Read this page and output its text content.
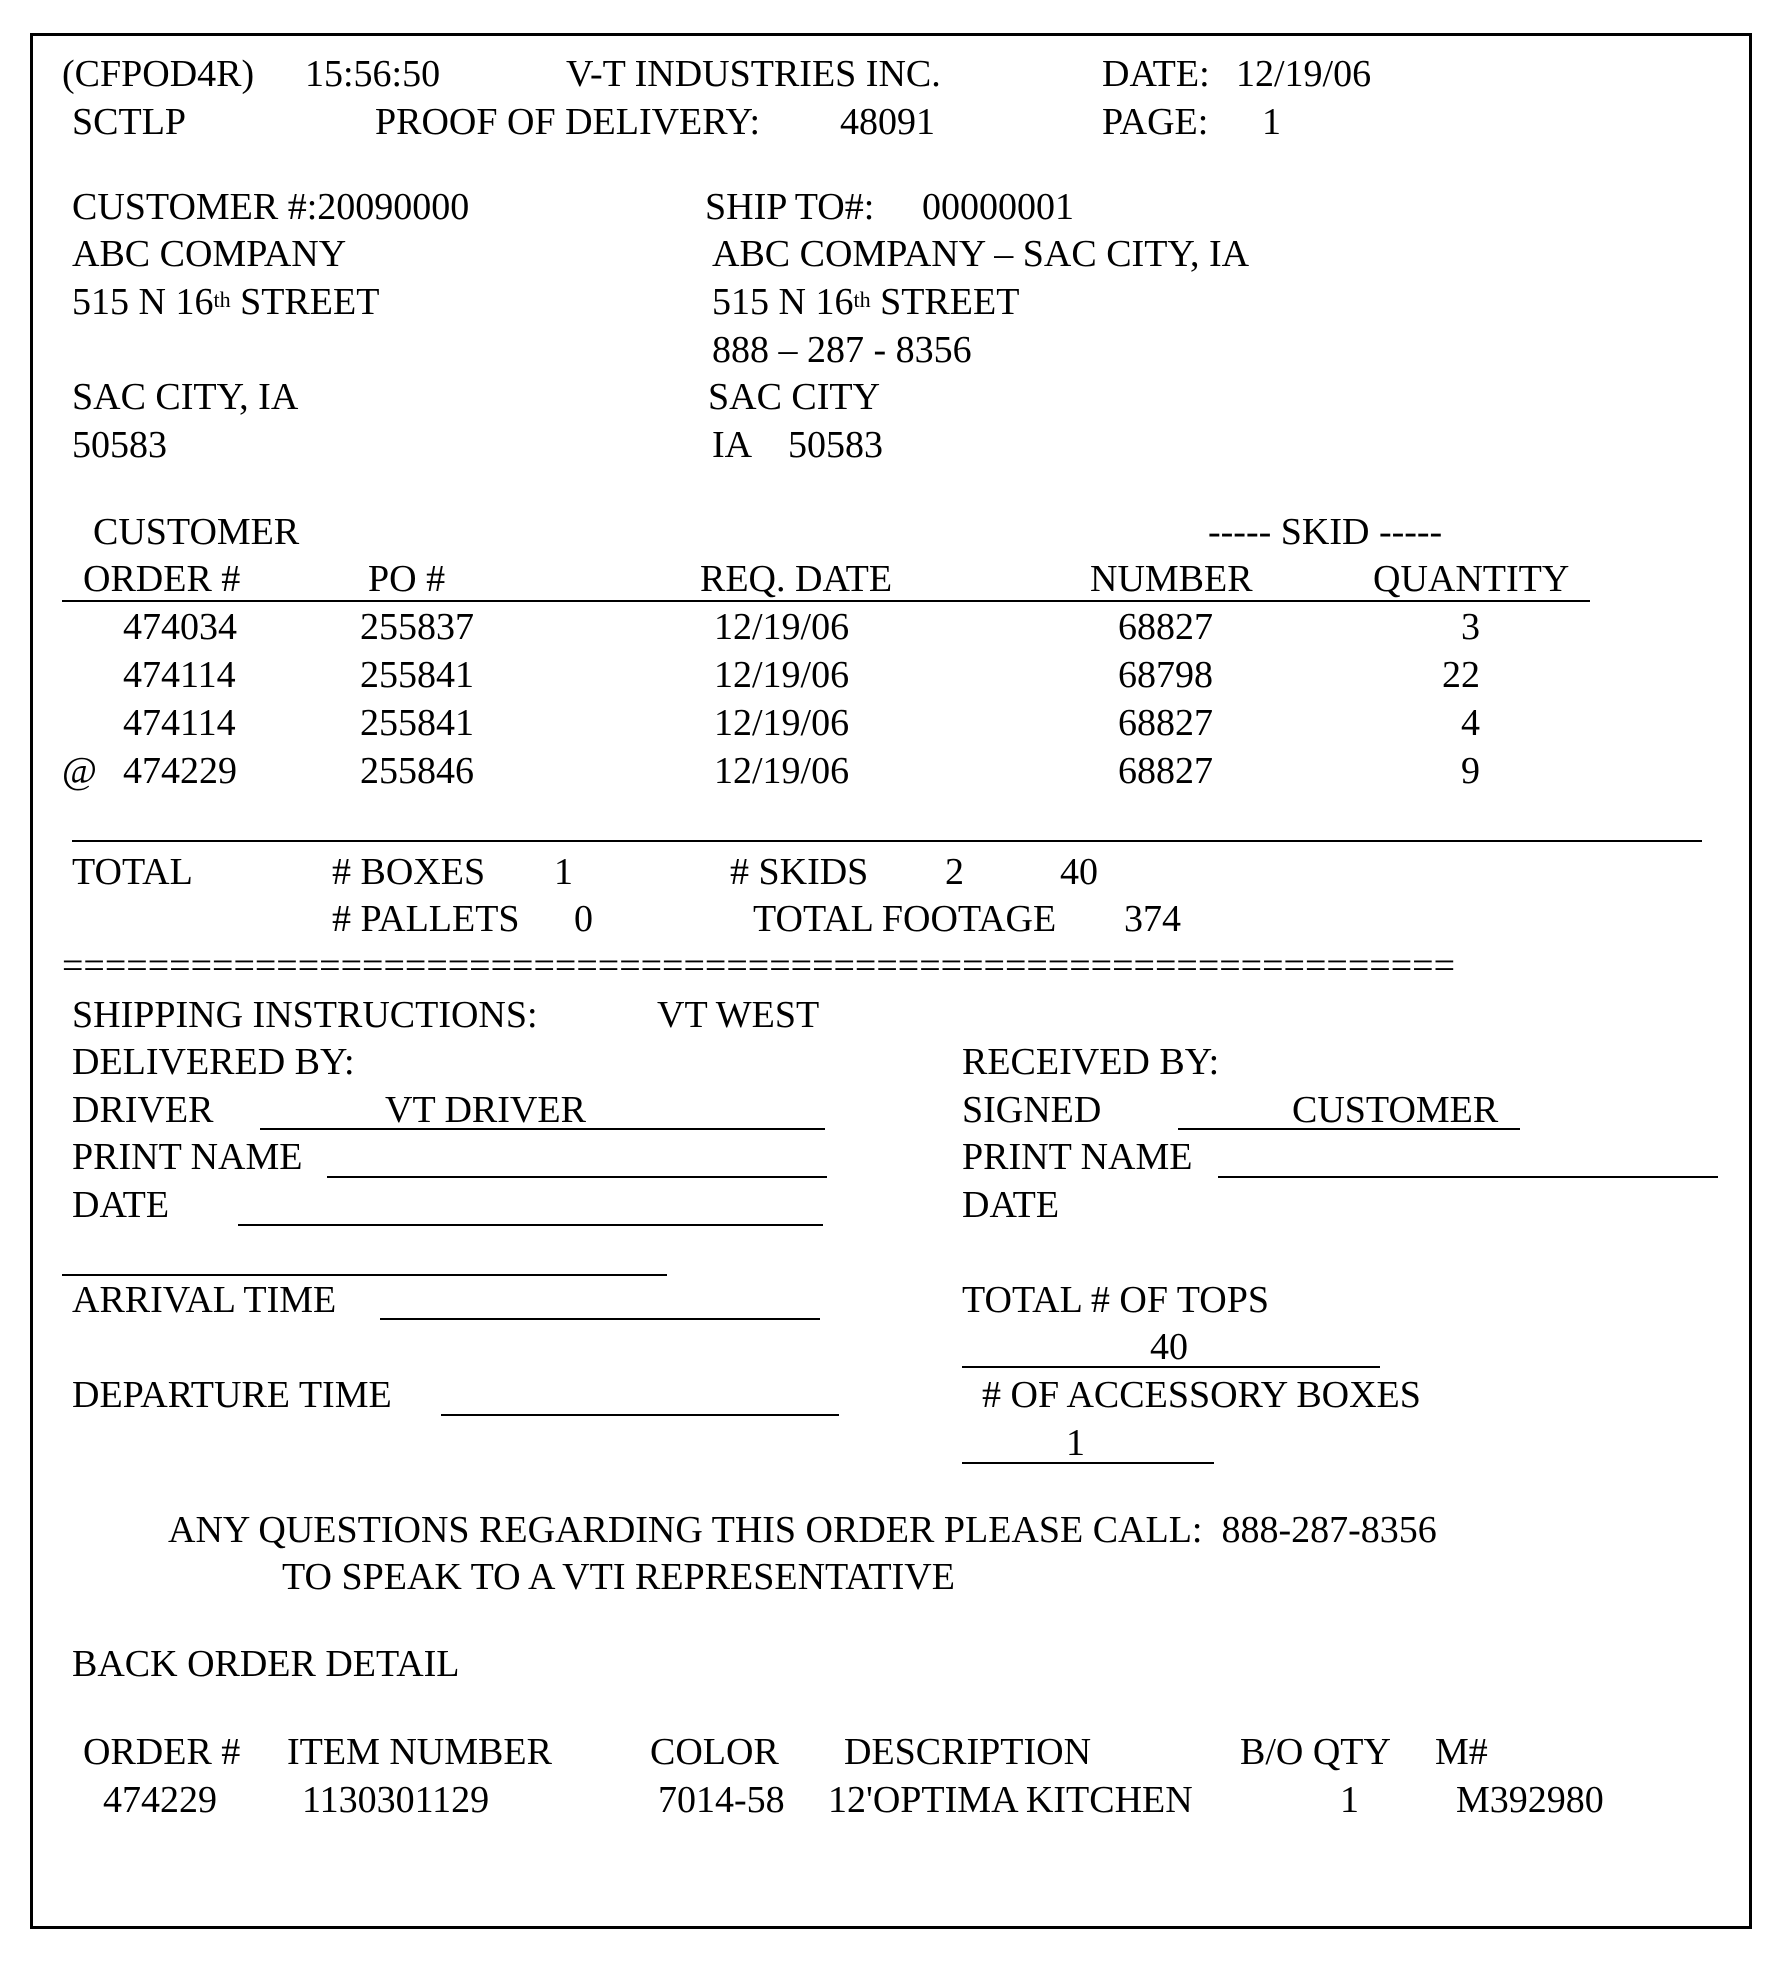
(CFPOD4R) 15:56:50	V-T INDUSTRIES INC.	DATE: 12/19/06
SCTLP	PROOF OF DELIVERY: 48091	PAGE: 1
CUSTOMER #:20090000
ABC COMPANY
515 N 16th STREET
SAC CITY, IA
50583
SHIP TO#: 00000001
ABC COMPANY – SAC CITY, IA
515 N 16th STREET
888 – 287 - 8356
SAC CITY
IA 50583
CUSTOMER	----- SKID -----
ORDER #	PO #	REQ. DATE	NUMBER	QUANTITY
474034	255837	12/19/06	68827	3
474114	255841	12/19/06	68798	22
474114	255841	12/19/06	68827	4
@ 474229	255846	12/19/06	68827	9
TOTAL	# BOXES 1	# SKIDS 2	40
# PALLETS 0	TOTAL FOOTAGE 374
=================================================================
SHIPPING INSTRUCTIONS:	VT WEST
DELIVERED BY:	RECEIVED BY:
DRIVER	VT DRIVER	SIGNED	CUSTOMER
PRINT NAME	PRINT NAME
DATE	DATE
ARRIVAL TIME	TOTAL # OF TOPS
40
DEPARTURE TIME	# OF ACCESSORY BOXES
1
ANY QUESTIONS REGARDING THIS ORDER PLEASE CALL:  888-287-8356
TO SPEAK TO A VTI REPRESENTATIVE
BACK ORDER DETAIL
ORDER # ITEM NUMBER	COLOR DESCRIPTION	B/O QTY M#
474229 1130301129	7014-58 12'OPTIMA KITCHEN	1	M392980
